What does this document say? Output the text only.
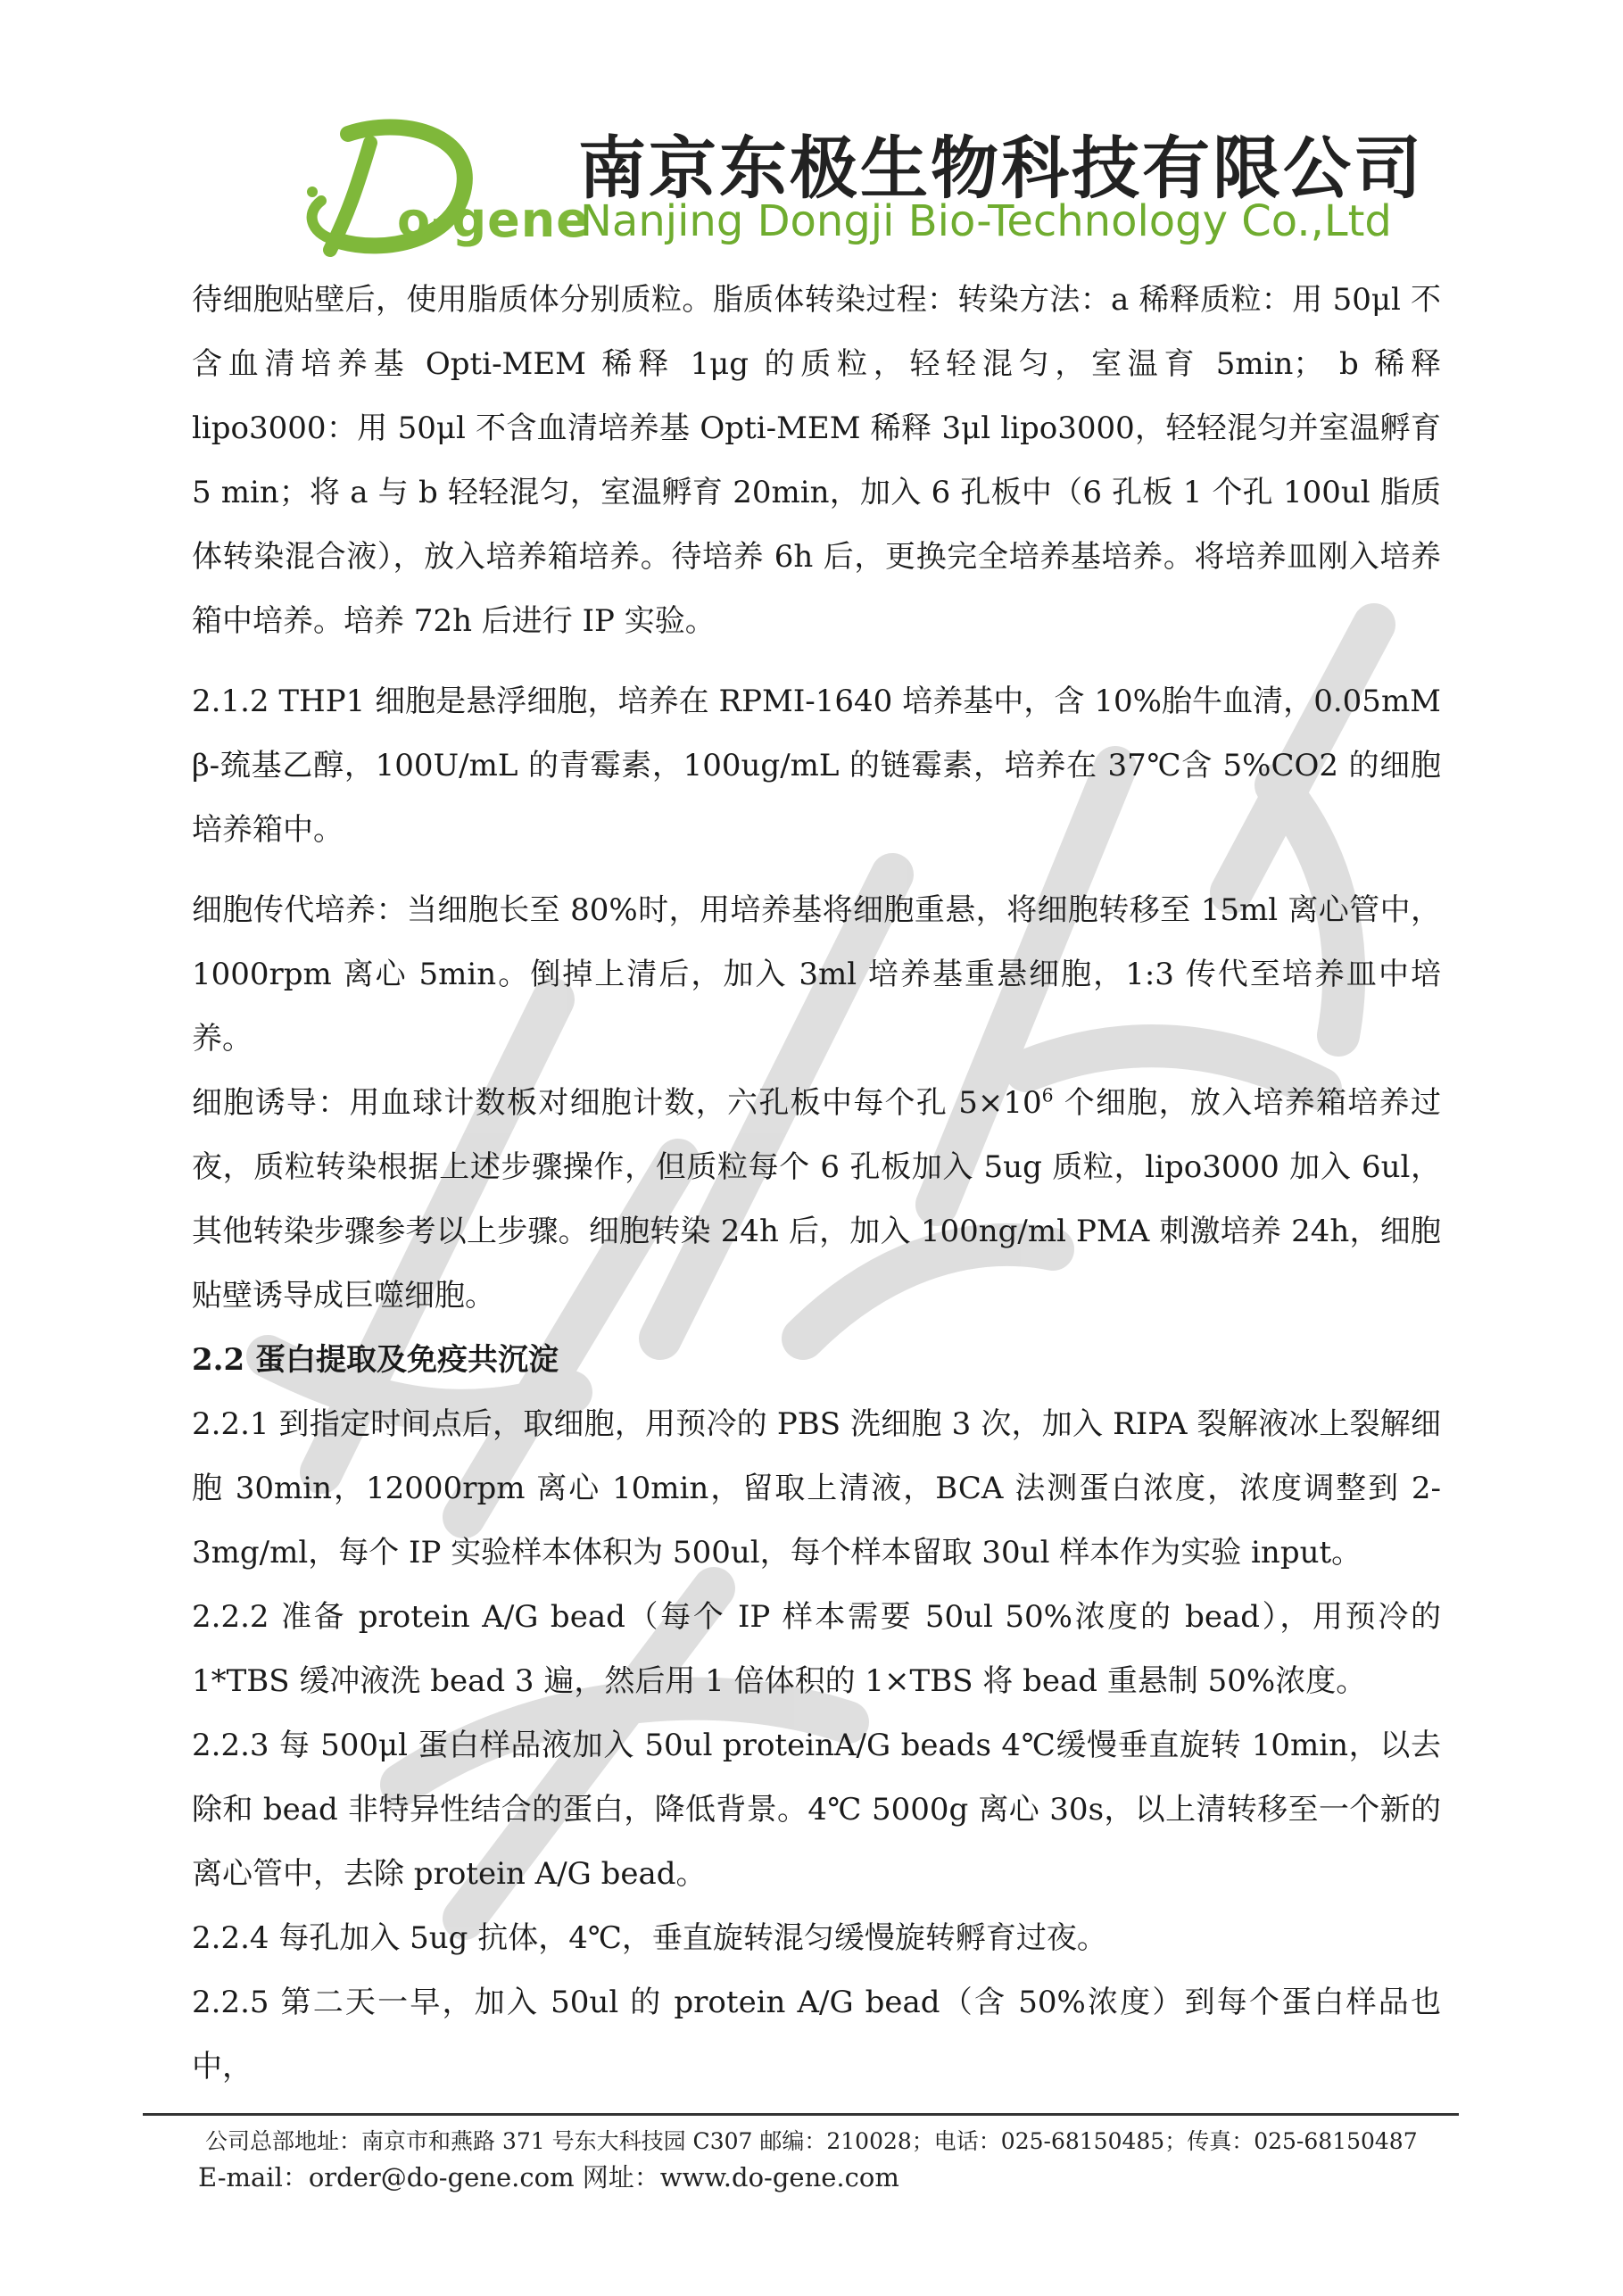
o-gene
南京东极生物科技有限公司
Nanjing Dongji Bio-Technology Co.,Ltd

待细胞贴壁后，使用脂质体分别质粒。脂质体转染过程：转染方法：a 稀释质粒：用 50μl 不含血清培养基 Opti-MEM 稀释 1μg 的质粒，轻轻混匀，室温育 5min； b 稀释 lipo3000：用 50μl 不含血清培养基 Opti-MEM 稀释 3μl lipo3000，轻轻混匀并室温孵育 5 min；将 a 与 b 轻轻混匀，室温孵育 20min，加入 6 孔板中（6 孔板 1 个孔 100ul 脂质体转染混合液），放入培养箱培养。待培养 6h 后，更换完全培养基培养。将培养皿刚入培养箱中培养。培养 72h 后进行 IP 实验。

2.1.2 THP1 细胞是悬浮细胞，培养在 RPMI-1640 培养基中，含 10%胎牛血清，0.05mM β-巯基乙醇，100U/mL 的青霉素，100ug/mL 的链霉素，培养在 37℃含 5%CO2 的细胞培养箱中。

细胞传代培养：当细胞长至 80%时，用培养基将细胞重悬，将细胞转移至 15ml 离心管中，1000rpm 离心 5min。倒掉上清后，加入 3ml 培养基重悬细胞，1:3 传代至培养皿中培养。

细胞诱导：用血球计数板对细胞计数，六孔板中每个孔 $5\times 10^6$ 个细胞，放入培养箱培养过夜，质粒转染根据上述步骤操作，但质粒每个 6 孔板加入 5ug 质粒，lipo3000 加入 6ul，其他转染步骤参考以上步骤。细胞转染 24h 后，加入 100ng/ml PMA 刺激培养 24h，细胞贴壁诱导成巨噬细胞。

2.2 蛋白提取及免疫共沉淀

2.2.1 到指定时间点后，取细胞，用预冷的 PBS 洗细胞 3 次，加入 RIPA 裂解液冰上裂解细胞 30min，12000rpm 离心 10min，留取上清液，BCA 法测蛋白浓度，浓度调整到 2-3mg/ml，每个 IP 实验样本体积为 500ul，每个样本留取 30ul 样本作为实验 input。

2.2.2 准备 protein A/G bead（每个 IP 样本需要 50ul 50%浓度的 bead），用预冷的 1*TBS 缓冲液洗 bead 3 遍，然后用 1 倍体积的 1×TBS 将 bead 重悬制 50%浓度。

2.2.3 每 500μl 蛋白样品液加入 50ul proteinA/G beads 4℃缓慢垂直旋转 10min，以去除和 bead 非特异性结合的蛋白，降低背景。4℃ 5000g 离心 30s，以上清转移至一个新的离心管中，去除 protein A/G bead。

2.2.4 每孔加入 5ug 抗体，4℃，垂直旋转混匀缓慢旋转孵育过夜。

2.2.5 第二天一早，加入 50ul 的 protein A/G bead（含 50%浓度）到每个蛋白样品也中，

公司总部地址：南京市和燕路 371 号东大科技园 C307 邮编：210028；电话：025-68150485；传真：025-68150487
E-mail：order@do-gene.com 网址：www.do-gene.com
